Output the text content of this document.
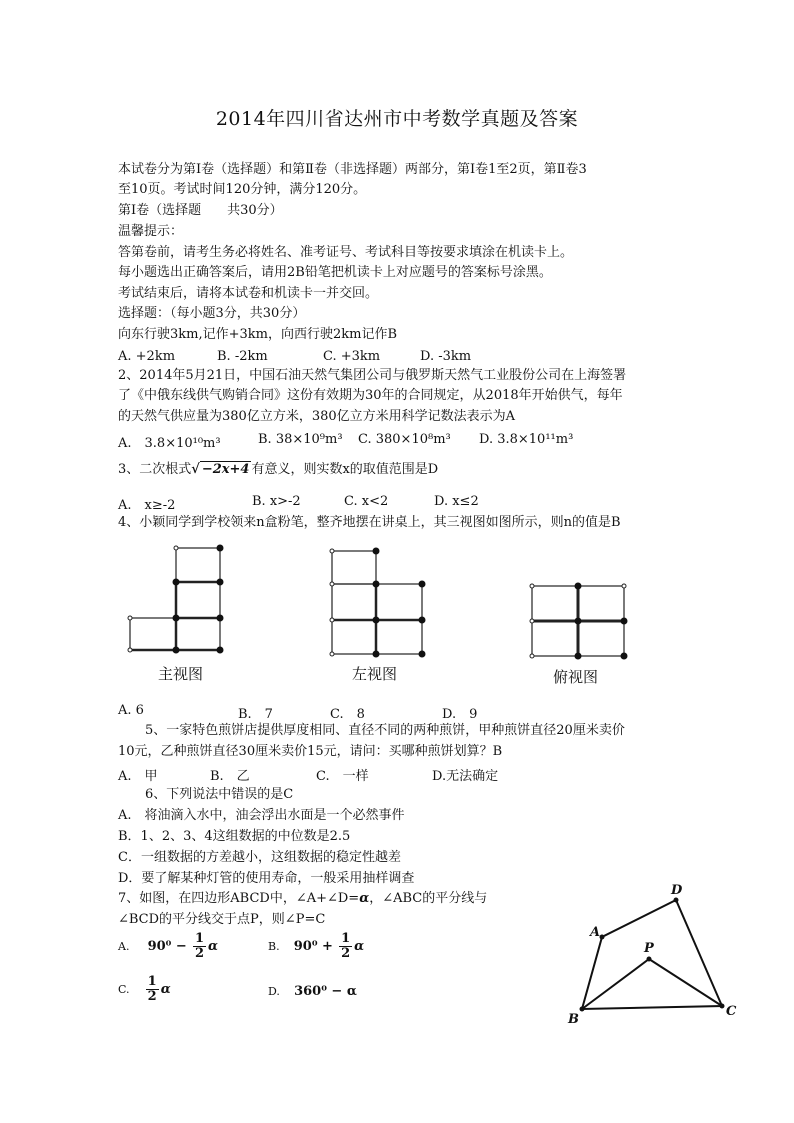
2014年四川省达州市中考数学真题及答案
本试卷分为第Ⅰ卷（选择题）和第Ⅱ卷（非选择题）两部分，第Ⅰ卷1至2页，第Ⅱ卷3
至10页。考试时间120分钟，满分120分。
第Ⅰ卷（选择题　　共30分）
温馨提示：
答第卷前，请考生务必将姓名、准考证号、考试科目等按要求填涂在机读卡上。
每小题选出正确答案后，请用2B铅笔把机读卡上对应题号的答案标号涂黑。
考试结束后，请将本试卷和机读卡一并交回。
选择题：（每小题3分，共30分）
向东行驶3km,记作+3km，向西行驶2km记作B
A. +2km	B. -2km	C. +3km	D. -3km
2、2014年5月21日，中国石油天然气集团公司与俄罗斯天然气工业股份公司在上海签署
了《中俄东线供气购销合同》这份有效期为30年的合同规定，从2018年开始供气，每年
的天然气供应量为380亿立方米，380亿立方米用科学记数法表示为A
A.　3.8×10¹⁰m³	B. 38×10⁹m³ C. 380×10⁸m³ D. 3.8×10¹¹m³
3、二次根式√ −2x+4 有意义，则实数x的取值范围是D
A.　x≥-2	B. x>-2	C. x<2	D. x≤2
4、小颖同学到学校领来n盒粉笔，整齐地摆在讲桌上，其三视图如图所示，则n的值是B
主视图	左视图	俯视图
A. 6	B.　7	C.　8	D.　9
5、一家特色煎饼店提供厚度相同、直径不同的两种煎饼，甲种煎饼直径20厘米卖价
10元，乙种煎饼直径30厘米卖价15元，请问：买哪种煎饼划算？B
A.　甲	B.　乙	C.　一样	D.无法确定
6、下列说法中错误的是C
A.　将油滴入水中，油会浮出水面是一个必然事件
B．1、2、3、4这组数据的中位数是2.5
C．一组数据的方差越小，这组数据的稳定性越差
D．要了解某种灯管的使用寿命，一般采用抽样调查
7、如图，在四边形ABCD中，∠A+∠D=α，∠ABC的平分线与
∠BCD的平分线交于点P，则∠P=C
A. $90^0 - \frac{1}{2}$ α	B. $90^0 + \frac{1}{2}$ α
C. $\frac{1}{2}$ α	D. 360⁰ − α
A
B
C
D
P
